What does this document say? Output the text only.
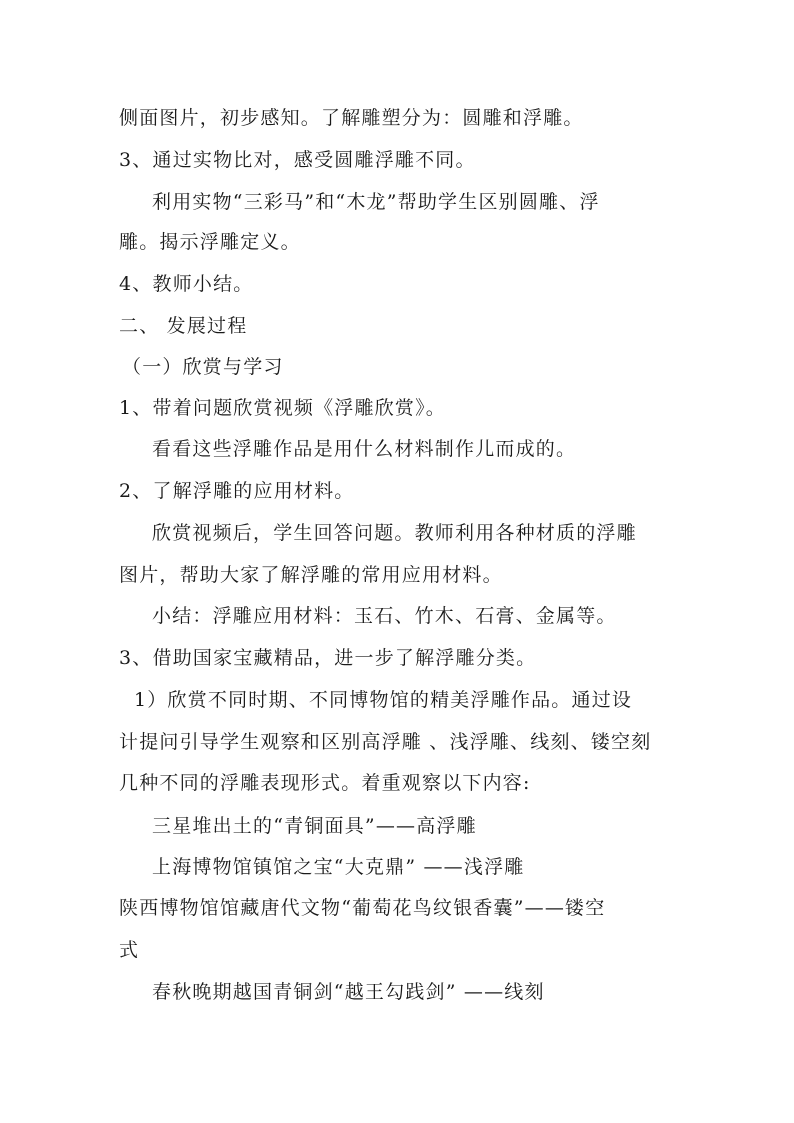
侧面图片，初步感知。了解雕塑分为：圆雕和浮雕。
3、通过实物比对，感受圆雕浮雕不同。
利用实物“三彩马”和“木龙”帮助学生区别圆雕、浮
雕。揭示浮雕定义。
4、教师小结。
二、 发展过程
（一）欣赏与学习
1、带着问题欣赏视频《浮雕欣赏》。
看看这些浮雕作品是用什么材料制作儿而成的。
2、了解浮雕的应用材料。
欣赏视频后，学生回答问题。教师利用各种材质的浮雕
图片，帮助大家了解浮雕的常用应用材料。
小结：浮雕应用材料：玉石、竹木、石膏、金属等。
3、借助国家宝藏精品，进一步了解浮雕分类。
1）欣赏不同时期、不同博物馆的精美浮雕作品。通过设
计提问引导学生观察和区别高浮雕 、浅浮雕、线刻、镂空刻
几种不同的浮雕表现形式。着重观察以下内容:
三星堆出土的“青铜面具”——高浮雕
上海博物馆镇馆之宝“大克鼎” ——浅浮雕
陕西博物馆馆藏唐代文物“葡萄花鸟纹银香囊”——镂空
式
春秋晚期越国青铜剑“越王勾践剑” ——线刻
